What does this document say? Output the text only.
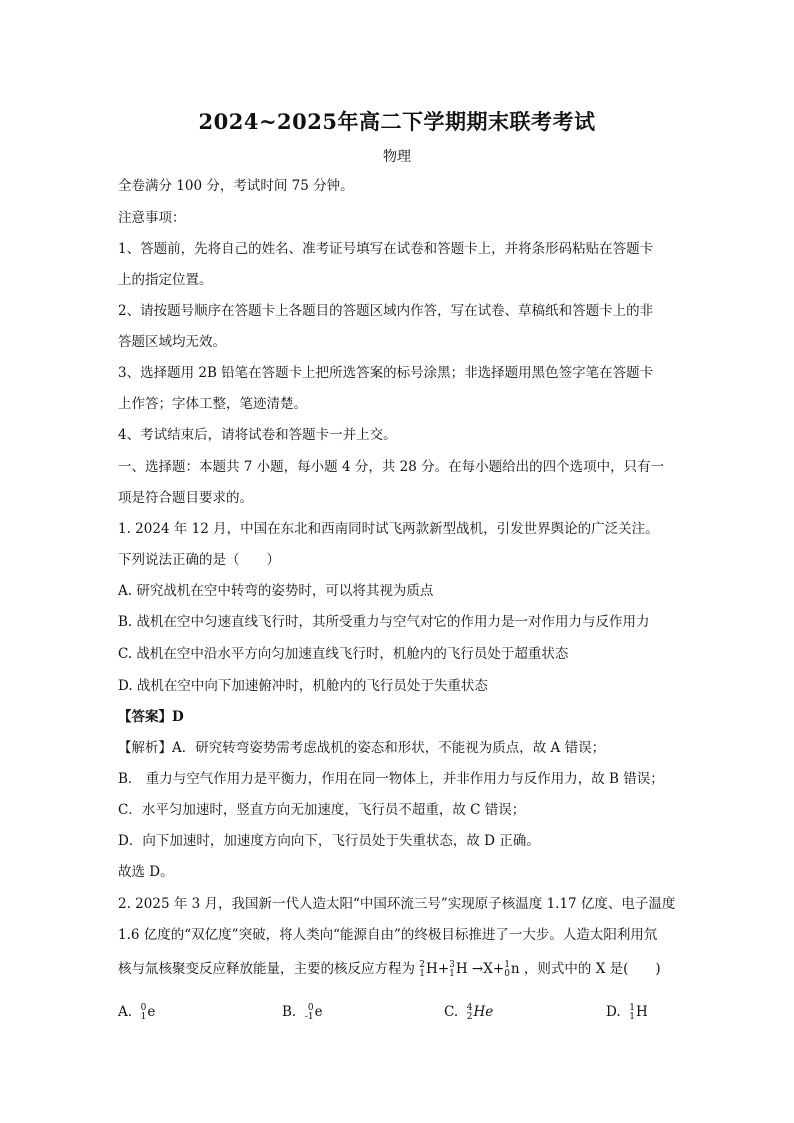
2024~2025年高二下学期期末联考考试
物理
全卷满分 100 分，考试时间 75 分钟。
注意事项：
1、答题前，先将自己的姓名、准考证号填写在试卷和答题卡上，并将条形码粘贴在答题卡
上的指定位置。
2、请按题号顺序在答题卡上各题目的答题区域内作答，写在试卷、草稿纸和答题卡上的非
答题区域均无效。
3、选择题用 2B 铅笔在答题卡上把所选答案的标号涂黑；非选择题用黑色签字笔在答题卡
上作答；字体工整，笔迹清楚。
4、考试结束后，请将试卷和答题卡一并上交。
一、选择题：本题共 7 小题，每小题 4 分，共 28 分。在每小题给出的四个选项中，只有一
项是符合题目要求的。
1. 2024 年 12 月，中国在东北和西南同时试飞两款新型战机，引发世界舆论的广泛关注。
下列说法正确的是（　　）
A. 研究战机在空中转弯的姿势时，可以将其视为质点
B. 战机在空中匀速直线飞行时，其所受重力与空气对它的作用力是一对作用力与反作用力
C. 战机在空中沿水平方向匀加速直线飞行时，机舱内的飞行员处于超重状态
D. 战机在空中向下加速俯冲时，机舱内的飞行员处于失重状态
【答案】D
【解析】A．研究转弯姿势需考虑战机的姿态和形状，不能视为质点，故 A 错误；
B． 重力与空气作用力是平衡力，作用在同一物体上，并非作用力与反作用力，故 B 错误；
C．水平匀加速时，竖直方向无加速度，飞行员不超重，故 C 错误；
D．向下加速时，加速度方向向下，飞行员处于失重状态，故 D 正确。
故选 D。
2. 2025 年 3 月，我国新一代人造太阳“中国环流三号”实现原子核温度 1.17 亿度、电子温度
1.6 亿度的“双亿度”突破，将人类向“能源自由”的终极目标推进了一大步。人造太阳利用氘
核与氚核聚变反应释放能量，主要的核反应方程为 2
1 H+ 3
1 H →X+ 1
0 n ，则式中的 X 是(　　)
A. 0
1 e	B.	0
-1 e	C. 4
2 He	D. 1
1 H
